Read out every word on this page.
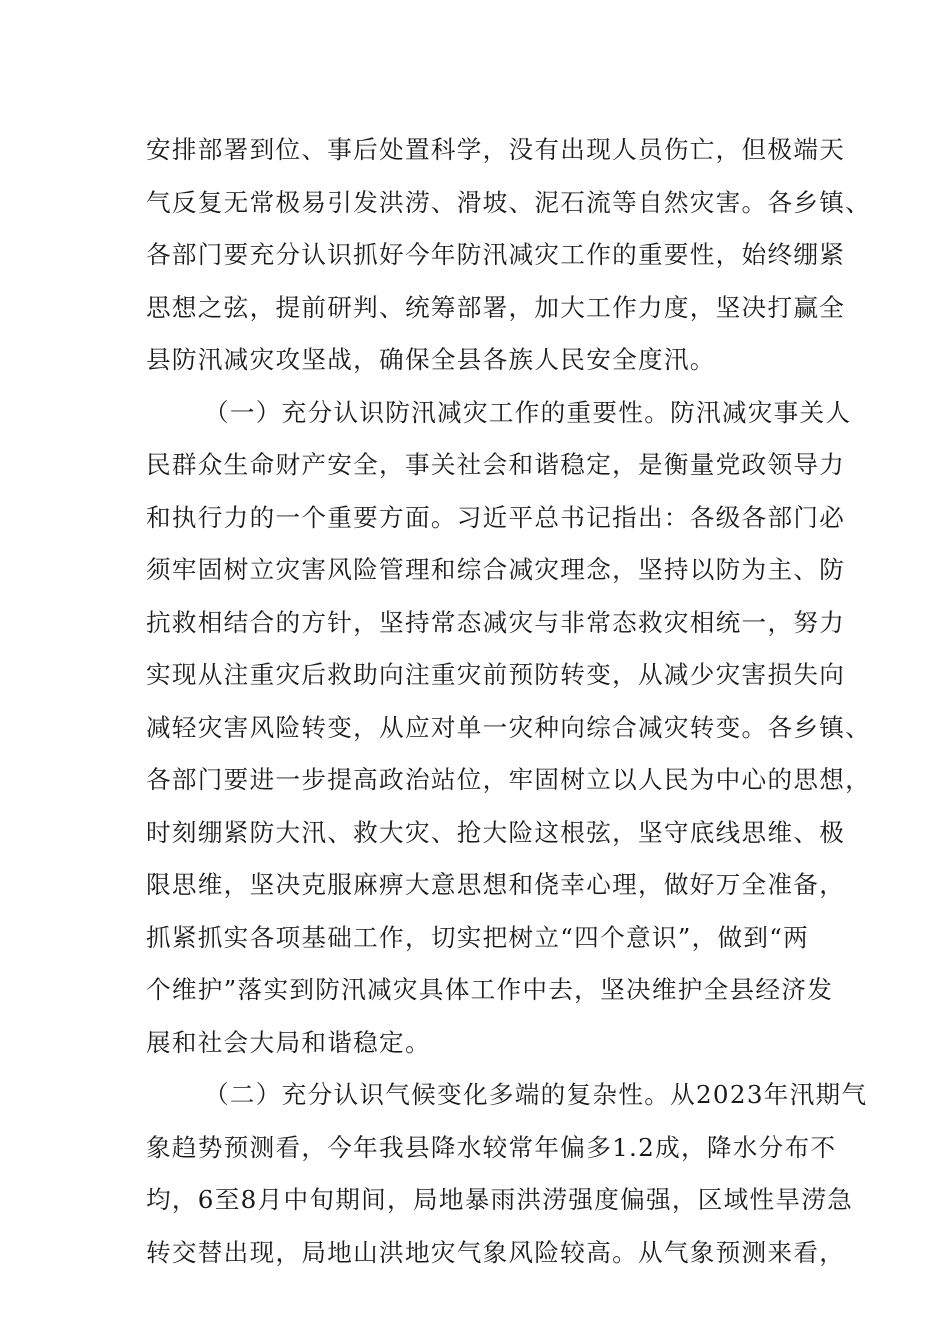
安排部署到位、事后处置科学，没有出现人员伤亡，但极端天
气反复无常极易引发洪涝、滑坡、泥石流等自然灾害。各乡镇、
各部门要充分认识抓好今年防汛减灾工作的重要性，始终绷紧
思想之弦，提前研判、统筹部署，加大工作力度，坚决打赢全
县防汛减灾攻坚战，确保全县各族人民安全度汛。
（一）充分认识防汛减灾工作的重要性。防汛减灾事关人
民群众生命财产安全，事关社会和谐稳定，是衡量党政领导力
和执行力的一个重要方面。习近平总书记指出：各级各部门必
须牢固树立灾害风险管理和综合减灾理念，坚持以防为主、防
抗救相结合的方针，坚持常态减灾与非常态救灾相统一，努力
实现从注重灾后救助向注重灾前预防转变，从减少灾害损失向
减轻灾害风险转变，从应对单一灾种向综合减灾转变。各乡镇、
各部门要进一步提高政治站位，牢固树立以人民为中心的思想，
时刻绷紧防大汛、救大灾、抢大险这根弦，坚守底线思维、极
限思维，坚决克服麻痹大意思想和侥幸心理，做好万全准备，
抓紧抓实各项基础工作，切实把树立“四个意识”，做到“两
个维护”落实到防汛减灾具体工作中去，坚决维护全县经济发
展和社会大局和谐稳定。
（二）充分认识气候变化多端的复杂性。从2023年汛期气
象趋势预测看，今年我县降水较常年偏多1.2成，降水分布不
均，6至8月中旬期间，局地暴雨洪涝强度偏强，区域性旱涝急
转交替出现，局地山洪地灾气象风险较高。从气象预测来看，
